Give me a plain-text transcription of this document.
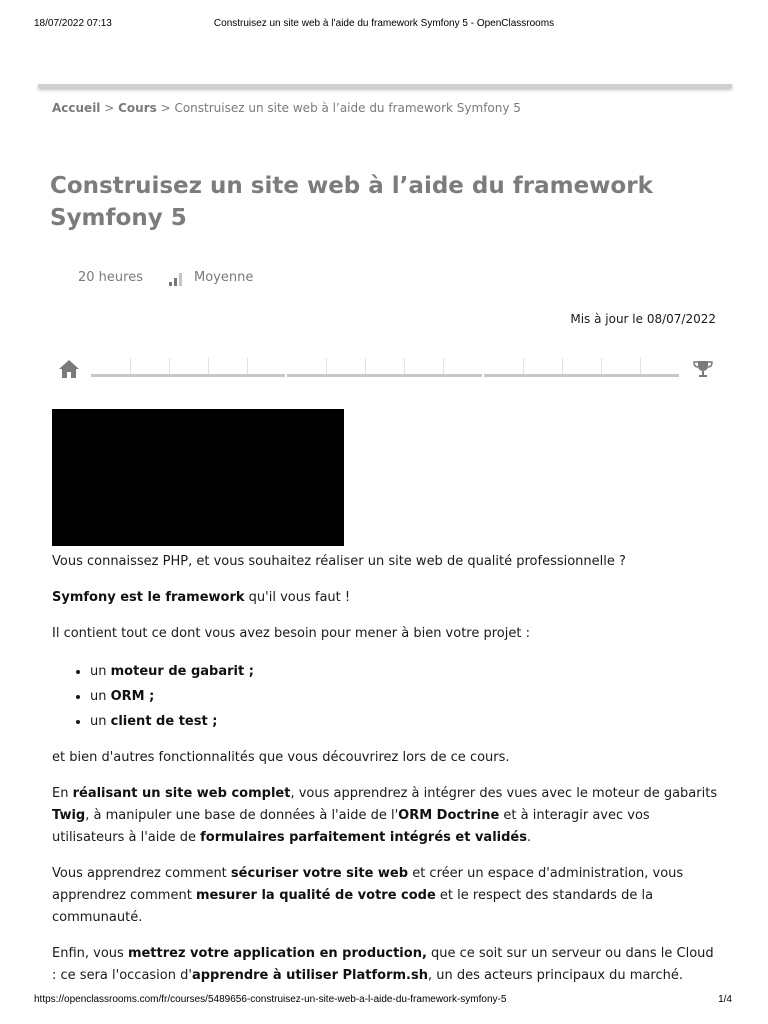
18/07/2022 07:13	Construisez un site web à l’aide du framework Symfony 5 - OpenClassrooms
Accueil > Cours > Construisez un site web à l’aide du framework Symfony 5
Construisez un site web à l’aide du framework Symfony 5
20 heures	Moyenne
Mis à jour le 08/07/2022

Vous connaissez PHP, et vous souhaitez réaliser un site web de qualité professionnelle ?

Symfony est le framework qu'il vous faut !

Il contient tout ce dont vous avez besoin pour mener à bien votre projet :

• un moteur de gabarit ;
• un ORM ;
• un client de test ;

et bien d'autres fonctionnalités que vous découvrirez lors de ce cours.

En réalisant un site web complet, vous apprendrez à intégrer des vues avec le moteur de gabarits Twig, à manipuler une base de données à l'aide de l'ORM Doctrine et à interagir avec vos utilisateurs à l'aide de formulaires parfaitement intégrés et validés.

Vous apprendrez comment sécuriser votre site web et créer un espace d'administration, vous apprendrez comment mesurer la qualité de votre code et le respect des standards de la communauté.

Enfin, vous mettrez votre application en production, que ce soit sur un serveur ou dans le Cloud : ce sera l'occasion d'apprendre à utiliser Platform.sh, un des acteurs principaux du marché.

https://openclassrooms.com/fr/courses/5489656-construisez-un-site-web-a-l-aide-du-framework-symfony-5	1/4
